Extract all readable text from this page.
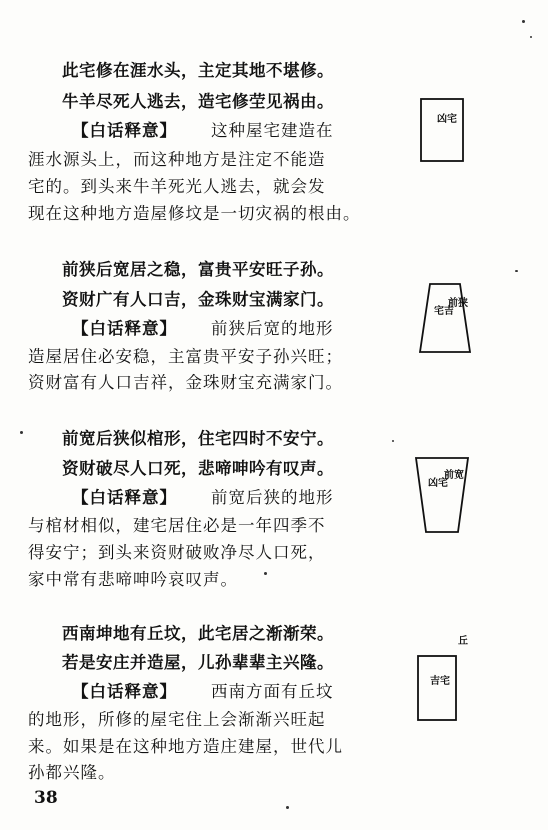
此宅修在涯水头，主定其地不堪修。
牛羊尽死人逃去，造宅修茔见祸由。
【白话释意】 这种屋宅建造在
涯水源头上，而这种地方是注定不能造
宅的。到头来牛羊死光人逃去，就会发
现在这种地方造屋修坟是一切灾祸的根由。
凶宅
前狭后宽居之稳，富贵平安旺子孙。
资财广有人口吉，金珠财宝满家门。
【白话释意】 前狭后宽的地形
造屋居住必安稳，主富贵平安子孙兴旺；
资财富有人口吉祥，金珠财宝充满家门。
宅吉
前狭
前宽后狭似棺形，住宅四时不安宁。
资财破尽人口死，悲啼呻吟有叹声。
【白话释意】 前宽后狭的地形
与棺材相似，建宅居住必是一年四季不
得安宁；到头来资财破败净尽人口死，
家中常有悲啼呻吟哀叹声。
凶宅
前宽
西南坤地有丘坟，此宅居之渐渐荣。
若是安庄并造屋，儿孙辈辈主兴隆。
【白话释意】 西南方面有丘坟
的地形，所修的屋宅住上会渐渐兴旺起
来。如果是在这种地方造庄建屋，世代儿
孙都兴隆。
丘
吉宅
38
